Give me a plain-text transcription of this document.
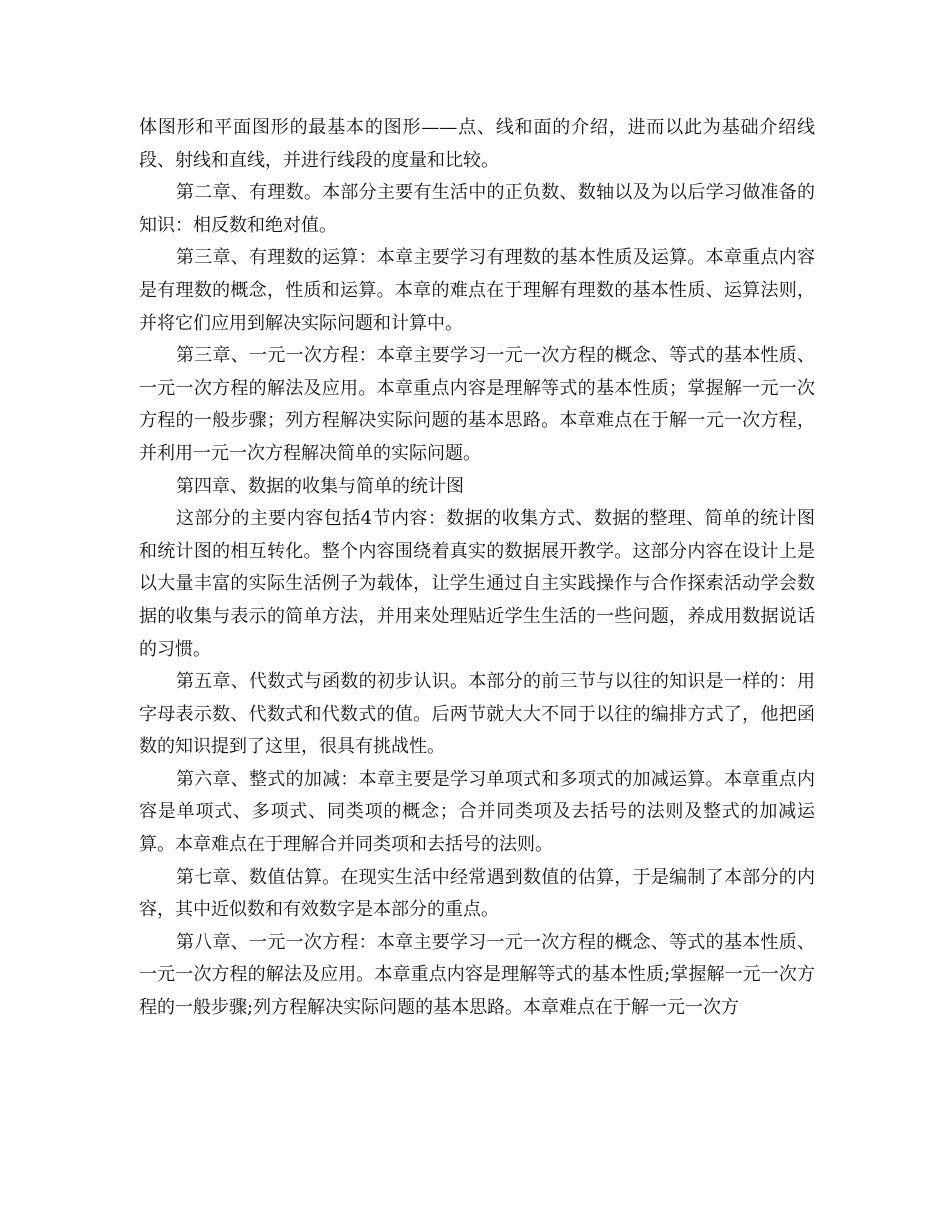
体图形和平面图形的最基本的图形——点、线和面的介绍，进而以此为基础介绍线段、射线和直线，并进行线段的度量和比较。

第二章、有理数。本部分主要有生活中的正负数、数轴以及为以后学习做准备的知识：相反数和绝对值。

第三章、有理数的运算：本章主要学习有理数的基本性质及运算。本章重点内容是有理数的概念，性质和运算。本章的难点在于理解有理数的基本性质、运算法则，并将它们应用到解决实际问题和计算中。

第三章、一元一次方程：本章主要学习一元一次方程的概念、等式的基本性质、一元一次方程的解法及应用。本章重点内容是理解等式的基本性质；掌握解一元一次方程的一般步骤；列方程解决实际问题的基本思路。本章难点在于解一元一次方程，并利用一元一次方程解决简单的实际问题。

第四章、数据的收集与简单的统计图

这部分的主要内容包括4节内容：数据的收集方式、数据的整理、简单的统计图和统计图的相互转化。整个内容围绕着真实的数据展开教学。这部分内容在设计上是以大量丰富的实际生活例子为载体，让学生通过自主实践操作与合作探索活动学会数据的收集与表示的简单方法，并用来处理贴近学生生活的一些问题，养成用数据说话的习惯。

第五章、代数式与函数的初步认识。本部分的前三节与以往的知识是一样的：用字母表示数、代数式和代数式的值。后两节就大大不同于以往的编排方式了，他把函数的知识提到了这里，很具有挑战性。

第六章、整式的加减：本章主要是学习单项式和多项式的加减运算。本章重点内容是单项式、多项式、同类项的概念；合并同类项及去括号的法则及整式的加减运算。本章难点在于理解合并同类项和去括号的法则。

第七章、数值估算。在现实生活中经常遇到数值的估算，于是编制了本部分的内容，其中近似数和有效数字是本部分的重点。

第八章、一元一次方程：本章主要学习一元一次方程的概念、等式的基本性质、一元一次方程的解法及应用。本章重点内容是理解等式的基本性质;掌握解一元一次方程的一般步骤;列方程解决实际问题的基本思路。本章难点在于解一元一次方
